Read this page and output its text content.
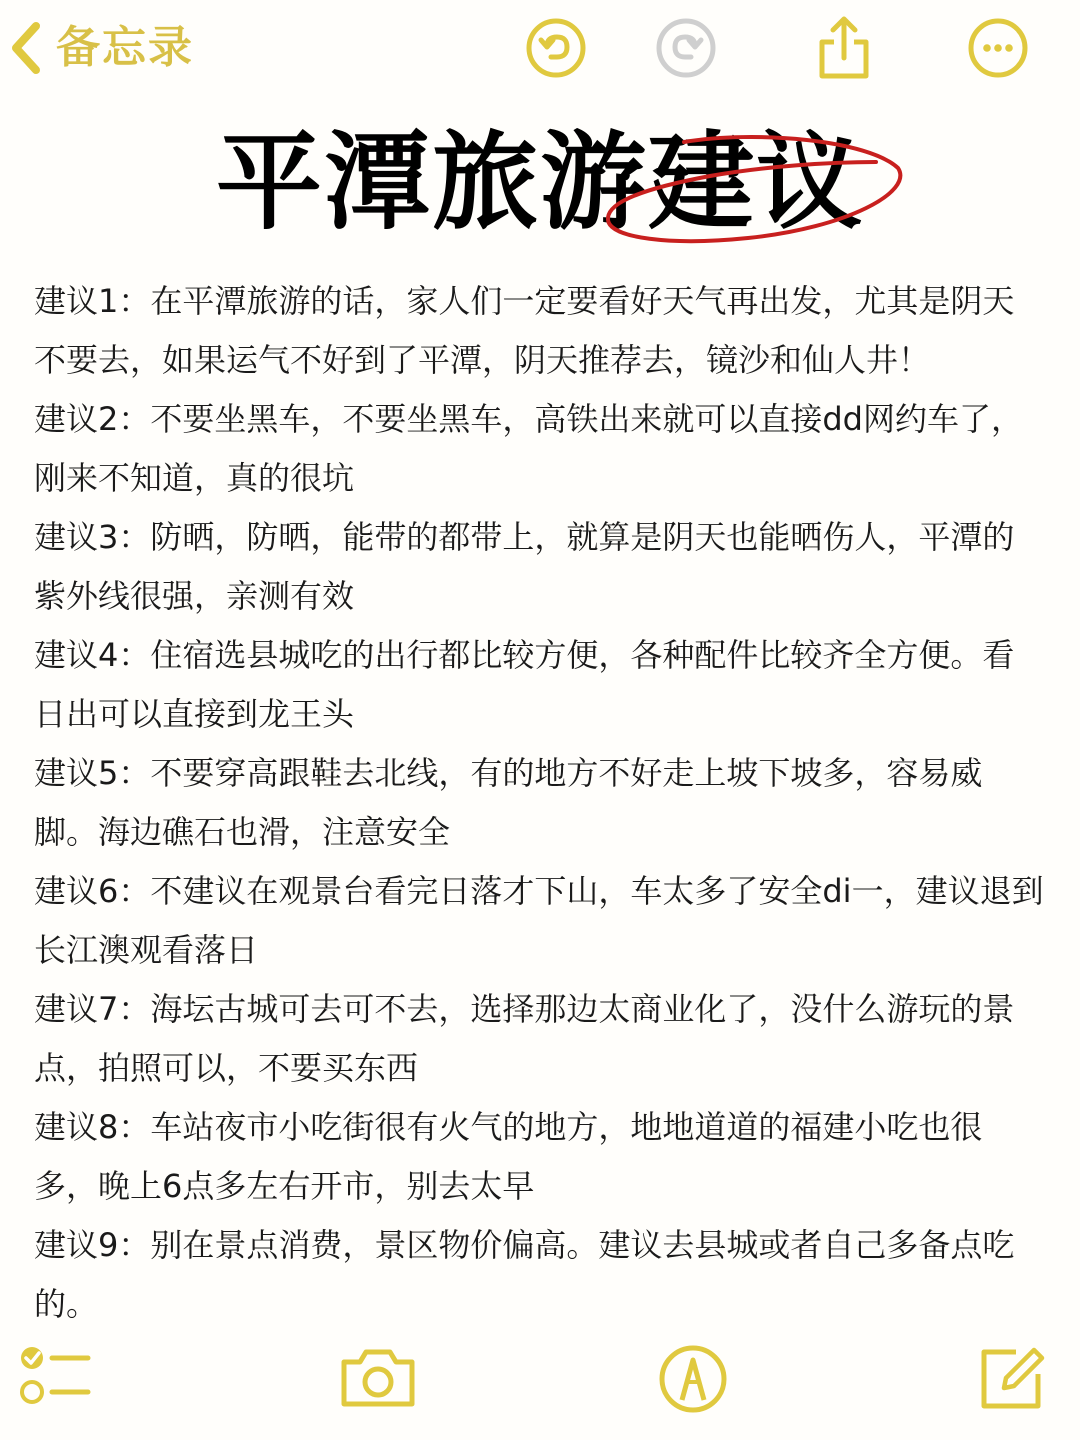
备忘录
平潭旅游建议

建议1：在平潭旅游的话，家人们一定要看好天气再出发，尤其是阴天不要去，如果运气不好到了平潭，阴天推荐去，镜沙和仙人井！

建议2：不要坐黑车，不要坐黑车，高铁出来就可以直接dd网约车了，刚来不知道，真的很坑

建议3：防晒，防晒，能带的都带上，就算是阴天也能晒伤人，平潭的紫外线很强，亲测有效

建议4：住宿选县城吃的出行都比较方便，各种配件比较齐全方便。看日出可以直接到龙王头

建议5：不要穿高跟鞋去北线，有的地方不好走上坡下坡多，容易威脚。海边礁石也滑，注意安全

建议6：不建议在观景台看完日落才下山，车太多了安全di一，建议退到长江澳观看落日

建议7：海坛古城可去可不去，选择那边太商业化了，没什么游玩的景点，拍照可以，不要买东西

建议8：车站夜市小吃街很有火气的地方，地地道道的福建小吃也很多，晚上6点多左右开市，别去太早

建议9：别在景点消费，景区物价偏高。建议去县城或者自己多备点吃的。
